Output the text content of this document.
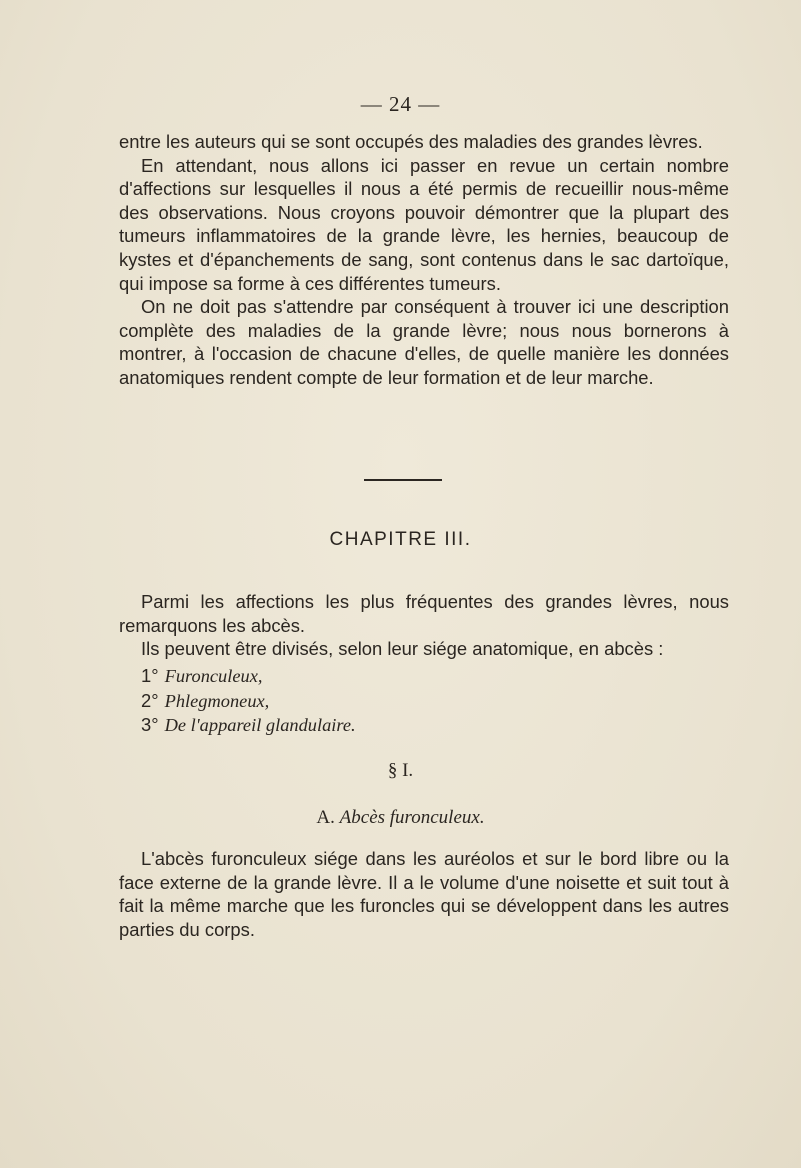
— 24 —

entre les auteurs qui se sont occupés des maladies des grandes lèvres.

En attendant, nous allons ici passer en revue un certain nombre d'affections sur lesquelles il nous a été permis de recueillir nous-même des observations. Nous croyons pouvoir démontrer que la plupart des tumeurs inflammatoires de la grande lèvre, les hernies, beaucoup de kystes et d'épanchements de sang, sont contenus dans le sac dartoïque, qui impose sa forme à ces différentes tumeurs.

On ne doit pas s'attendre par conséquent à trouver ici une description complète des maladies de la grande lèvre; nous nous bornerons à montrer, à l'occasion de chacune d'elles, de quelle manière les données anatomiques rendent compte de leur formation et de leur marche.

CHAPITRE III.

Parmi les affections les plus fréquentes des grandes lèvres, nous remarquons les abcès.

Ils peuvent être divisés, selon leur siége anatomique, en abcès :

1° Furonculeux,
2° Phlegmoneux,
3° De l'appareil glandulaire.
§ I.
A. Abcès furonculeux.

L'abcès furonculeux siége dans les auréolos et sur le bord libre ou la face externe de la grande lèvre. Il a le volume d'une noisette et suit tout à fait la même marche que les furoncles qui se développent dans les autres parties du corps.
